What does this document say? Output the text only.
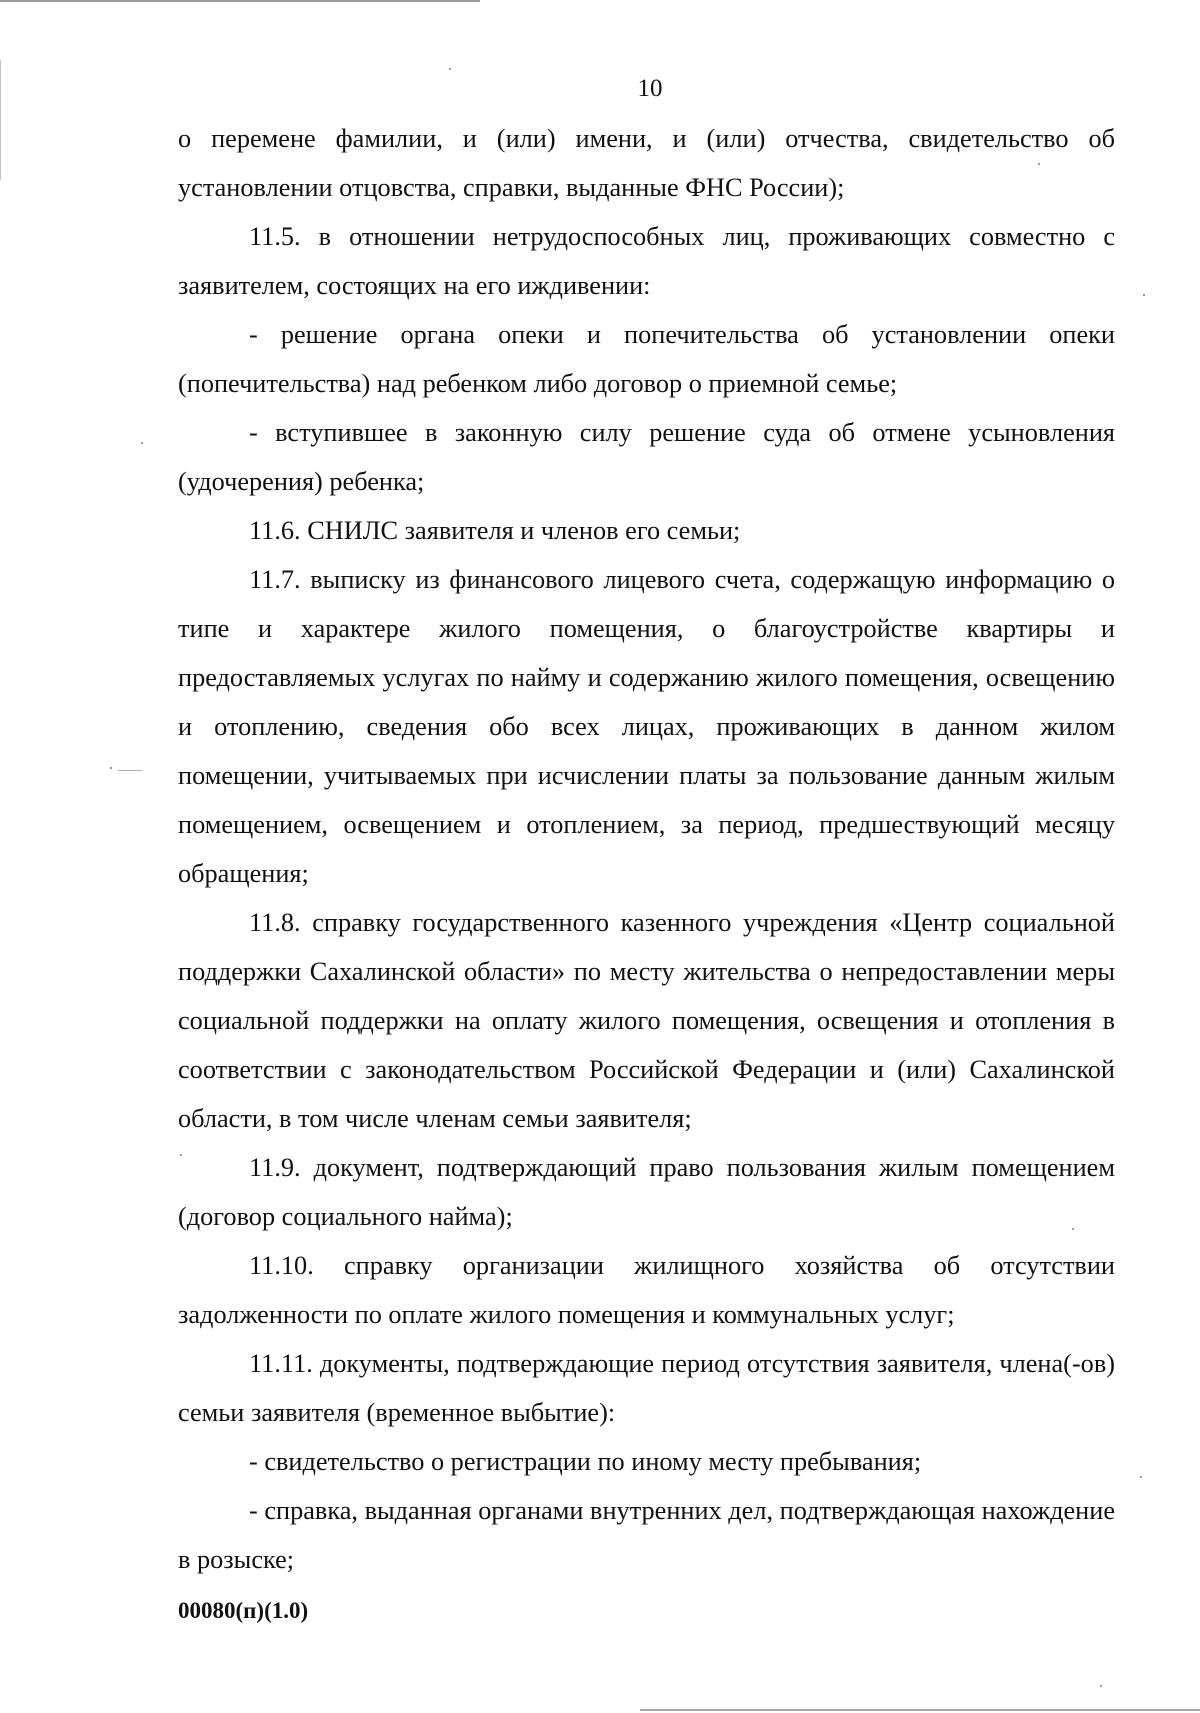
10

о перемене фамилии, и (или) имени, и (или) отчества, свидетельство об установлении отцовства, справки, выданные ФНС России);

11.5. в отношении нетрудоспособных лиц, проживающих совместно с заявителем, состоящих на его иждивении:

- решение органа опеки и попечительства об установлении опеки (попечительства) над ребенком либо договор о приемной семье;

- вступившее в законную силу решение суда об отмене усыновления (удочерения) ребенка;

11.6. СНИЛС заявителя и членов его семьи;

11.7. выписку из финансового лицевого счета, содержащую информацию о типе и характере жилого помещения, о благоустройстве квартиры и предоставляемых услугах по найму и содержанию жилого помещения, освещению и отоплению, сведения обо всех лицах, проживающих в данном жилом помещении, учитываемых при исчислении платы за пользование данным жилым помещением, освещением и отоплением, за период, предшествующий месяцу обращения;

11.8. справку государственного казенного учреждения «Центр социальной поддержки Сахалинской области» по месту жительства о непредоставлении меры социальной поддержки на оплату жилого помещения, освещения и отопления в соответствии с законодательством Российской Федерации и (или) Сахалинской области, в том числе членам семьи заявителя;

11.9. документ, подтверждающий право пользования жилым помещением (договор социального найма);

11.10. справку организации жилищного хозяйства об отсутствии задолженности по оплате жилого помещения и коммунальных услуг;

11.11. документы, подтверждающие период отсутствия заявителя, члена(-ов) семьи заявителя (временное выбытие):

- свидетельство о регистрации по иному месту пребывания;

- справка, выданная органами внутренних дел, подтверждающая нахождение в розыске;

00080(п)(1.0)
